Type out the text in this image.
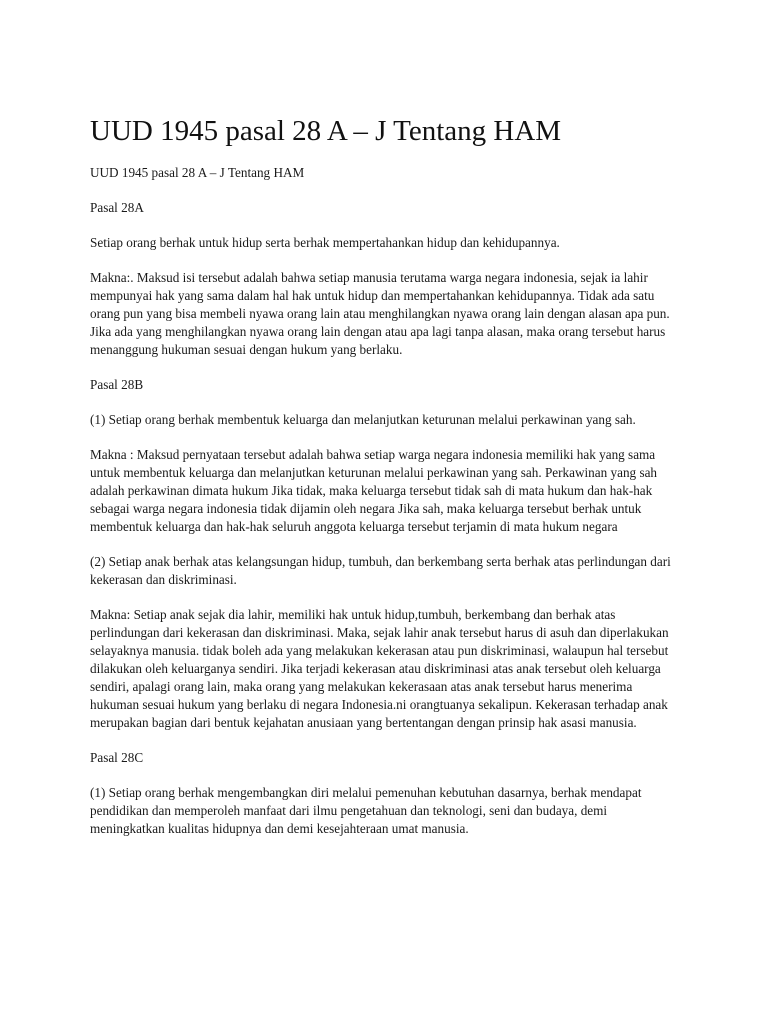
UUD 1945 pasal 28 A – J Tentang HAM

UUD 1945 pasal 28 A – J Tentang HAM

Pasal 28A

Setiap orang berhak untuk hidup serta berhak mempertahankan hidup dan kehidupannya.

Makna:. Maksud isi tersebut adalah bahwa setiap manusia terutama warga negara indonesia, sejak ia lahir mempunyai hak yang sama dalam hal hak untuk hidup dan mempertahankan kehidupannya. Tidak ada satu orang pun yang bisa membeli nyawa orang lain atau menghilangkan nyawa orang lain dengan alasan apa pun. Jika ada yang menghilangkan nyawa orang lain dengan atau apa lagi tanpa alasan, maka orang tersebut harus menanggung hukuman sesuai dengan hukum yang berlaku.

Pasal 28B

(1) Setiap orang berhak membentuk keluarga dan melanjutkan keturunan melalui perkawinan yang sah.

Makna : Maksud pernyataan tersebut adalah bahwa setiap warga negara indonesia memiliki hak yang sama untuk membentuk keluarga dan melanjutkan keturunan melalui perkawinan yang sah. Perkawinan yang sah adalah perkawinan dimata hukum Jika tidak, maka keluarga tersebut tidak sah di mata hukum dan hak-hak sebagai warga negara indonesia tidak dijamin oleh negara Jika sah, maka keluarga tersebut berhak untuk membentuk keluarga dan hak-hak seluruh anggota keluarga tersebut terjamin di mata hukum negara

(2) Setiap anak berhak atas kelangsungan hidup, tumbuh, dan berkembang serta berhak atas perlindungan dari kekerasan dan diskriminasi.

Makna: Setiap anak sejak dia lahir, memiliki hak untuk hidup,tumbuh, berkembang dan berhak atas perlindungan dari kekerasan dan diskriminasi. Maka, sejak lahir anak tersebut harus di asuh dan diperlakukan selayaknya manusia. tidak boleh ada yang melakukan kekerasan atau pun diskriminasi, walaupun hal tersebut dilakukan oleh keluarganya sendiri. Jika terjadi kekerasan atau diskriminasi atas anak tersebut oleh keluarga sendiri, apalagi orang lain, maka orang yang melakukan kekerasaan atas anak tersebut harus menerima hukuman sesuai hukum yang berlaku di negara Indonesia.ni orangtuanya sekalipun. Kekerasan terhadap anak merupakan bagian dari bentuk kejahatan anusiaan yang bertentangan dengan prinsip hak asasi manusia.

Pasal 28C

(1) Setiap orang berhak mengembangkan diri melalui pemenuhan kebutuhan dasarnya, berhak mendapat pendidikan dan memperoleh manfaat dari ilmu pengetahuan dan teknologi, seni dan budaya, demi meningkatkan kualitas hidupnya dan demi kesejahteraan umat manusia.
